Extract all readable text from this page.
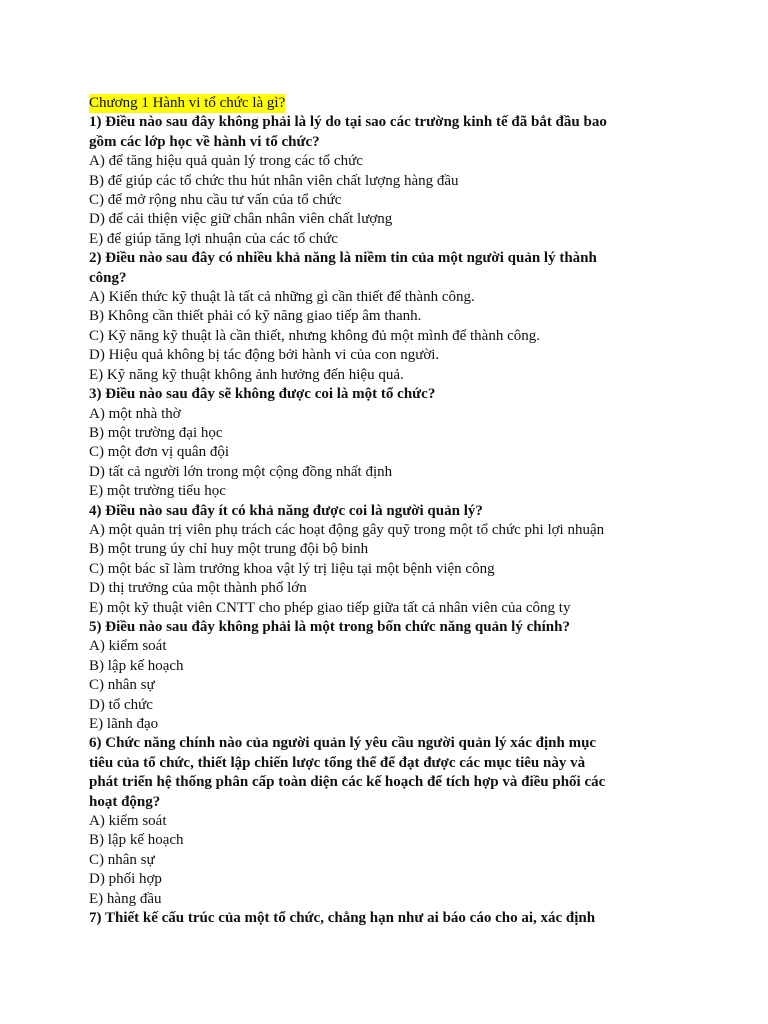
Chương 1 Hành vi tổ chức là gì?
1) Điều nào sau đây không phải là lý do tại sao các trường kinh tế đã bắt đầu bao
gồm các lớp học về hành vi tổ chức?
A) để tăng hiệu quả quản lý trong các tổ chức
B) để giúp các tổ chức thu hút nhân viên chất lượng hàng đầu
C) để mở rộng nhu cầu tư vấn của tổ chức
D) để cải thiện việc giữ chân nhân viên chất lượng
E) để giúp tăng lợi nhuận của các tổ chức
2) Điều nào sau đây có nhiều khả năng là niềm tin của một người quản lý thành
công?
A) Kiến thức kỹ thuật là tất cả những gì cần thiết để thành công.
B) Không cần thiết phải có kỹ năng giao tiếp âm thanh.
C) Kỹ năng kỹ thuật là cần thiết, nhưng không đủ một mình để thành công.
D) Hiệu quả không bị tác động bởi hành vi của con người.
E) Kỹ năng kỹ thuật không ảnh hưởng đến hiệu quả.
3) Điều nào sau đây sẽ không được coi là một tổ chức?
A) một nhà thờ
B) một trường đại học
C) một đơn vị quân đội
D) tất cả người lớn trong một cộng đồng nhất định
E) một trường tiểu học
4) Điều nào sau đây ít có khả năng được coi là người quản lý?
A) một quản trị viên phụ trách các hoạt động gây quỹ trong một tổ chức phi lợi nhuận
B) một trung úy chỉ huy một trung đội bộ binh
C) một bác sĩ làm trưởng khoa vật lý trị liệu tại một bệnh viện công
D) thị trưởng của một thành phố lớn
E) một kỹ thuật viên CNTT cho phép giao tiếp giữa tất cả nhân viên của công ty
5) Điều nào sau đây không phải là một trong bốn chức năng quản lý chính?
A) kiểm soát
B) lập kế hoạch
C) nhân sự
D) tổ chức
E) lãnh đạo
6) Chức năng chính nào của người quản lý yêu cầu người quản lý xác định mục
tiêu của tổ chức, thiết lập chiến lược tổng thể để đạt được các mục tiêu này và
phát triển hệ thống phân cấp toàn diện các kế hoạch để tích hợp và điều phối các
hoạt động?
A) kiểm soát
B) lập kế hoạch
C) nhân sự
D) phối hợp
E) hàng đầu
7) Thiết kế cấu trúc của một tổ chức, chẳng hạn như ai báo cáo cho ai, xác định
